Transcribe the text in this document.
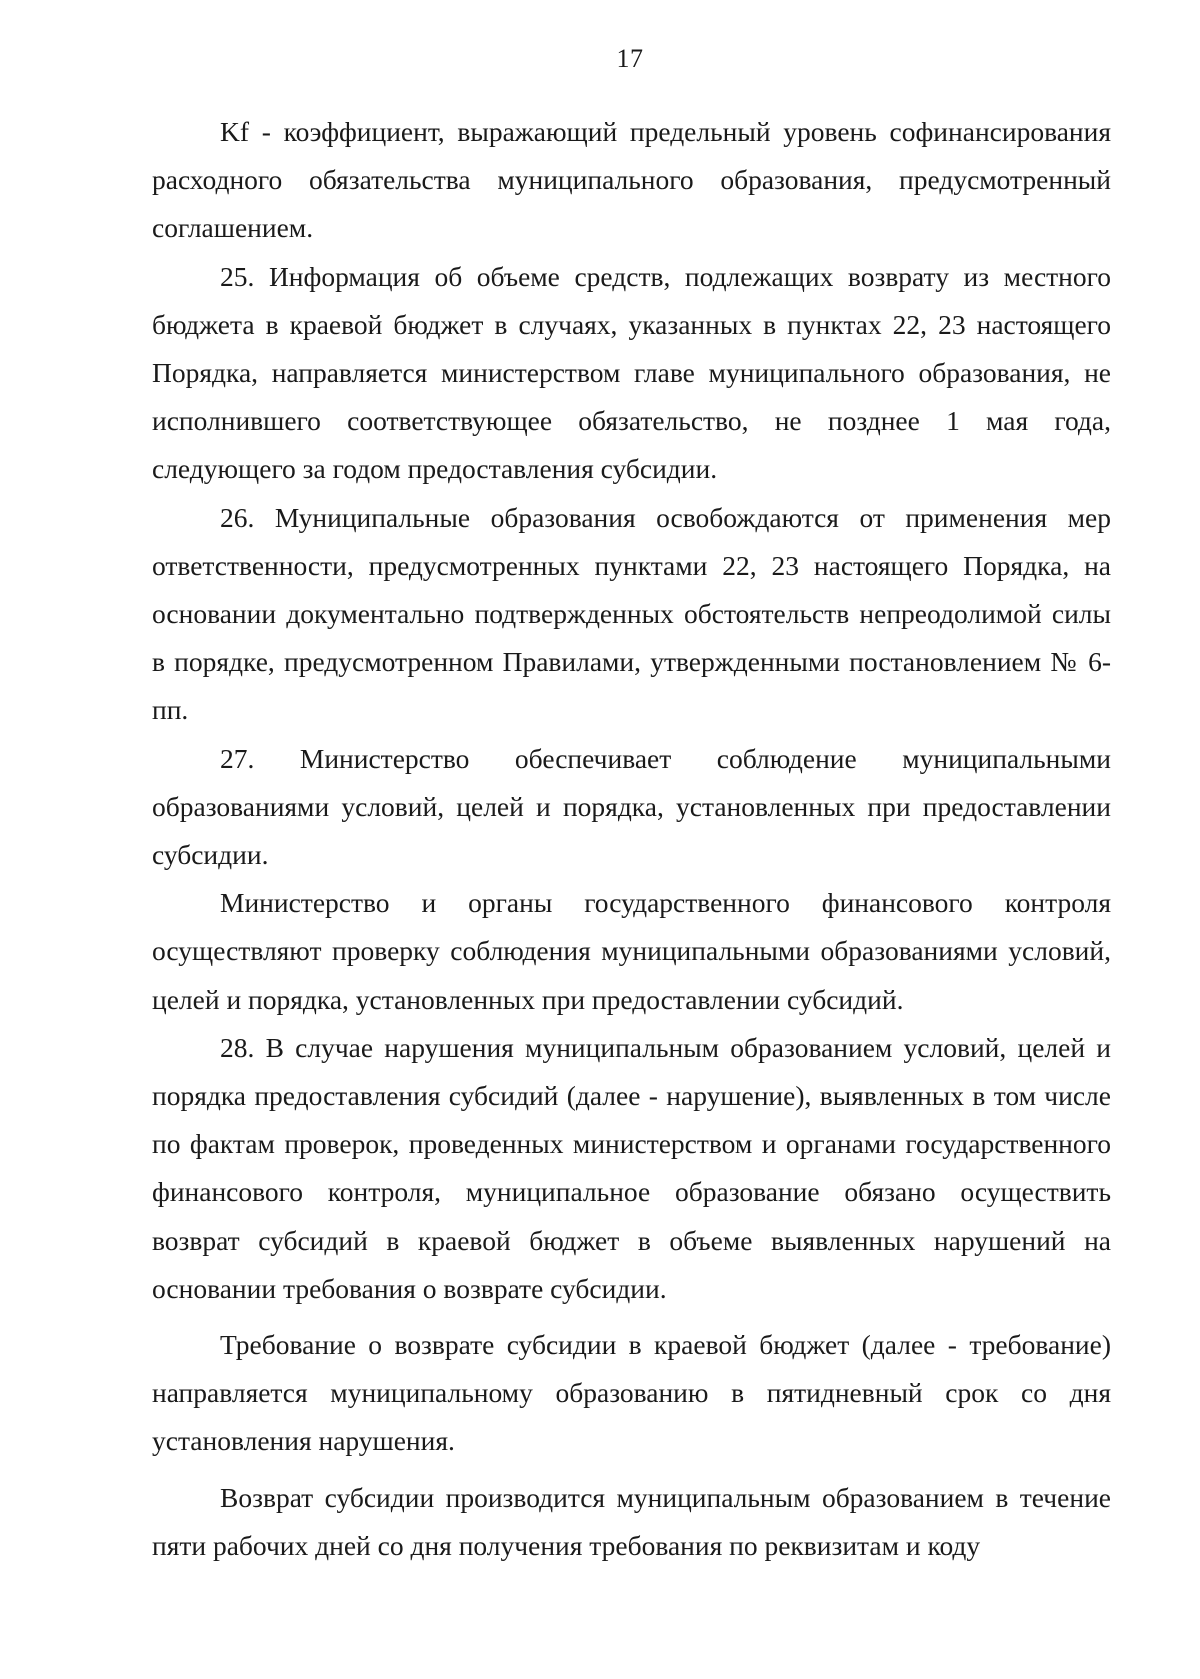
17

Kf - коэффициент, выражающий предельный уровень софинансирования расходного обязательства муниципального образования, предусмотренный соглашением.

25. Информация об объеме средств, подлежащих возврату из местного бюджета в краевой бюджет в случаях, указанных в пунктах 22, 23 настоящего Порядка, направляется министерством главе муниципального образования, не исполнившего соответствующее обязательство, не позднее 1 мая года, следующего за годом предоставления субсидии.

26. Муниципальные образования освобождаются от применения мер ответственности, предусмотренных пунктами 22, 23 настоящего Порядка, на основании документально подтвержденных обстоятельств непреодолимой силы в порядке, предусмотренном Правилами, утвержденными постановлением № 6-пп.

27. Министерство обеспечивает соблюдение муниципальными образованиями условий, целей и порядка, установленных при предоставлении субсидии.

Министерство и органы государственного финансового контроля осуществляют проверку соблюдения муниципальными образованиями условий, целей и порядка, установленных при предоставлении субсидий.

28. В случае нарушения муниципальным образованием условий, целей и порядка предоставления субсидий (далее - нарушение), выявленных в том числе по фактам проверок, проведенных министерством и органами государственного финансового контроля, муниципальное образование обязано осуществить возврат субсидий в краевой бюджет в объеме выявленных нарушений на основании требования о возврате субсидии.

Требование о возврате субсидии в краевой бюджет (далее - требование) направляется муниципальному образованию в пятидневный срок со дня установления нарушения.

Возврат субсидии производится муниципальным образованием в течение пяти рабочих дней со дня получения требования по реквизитам и коду
